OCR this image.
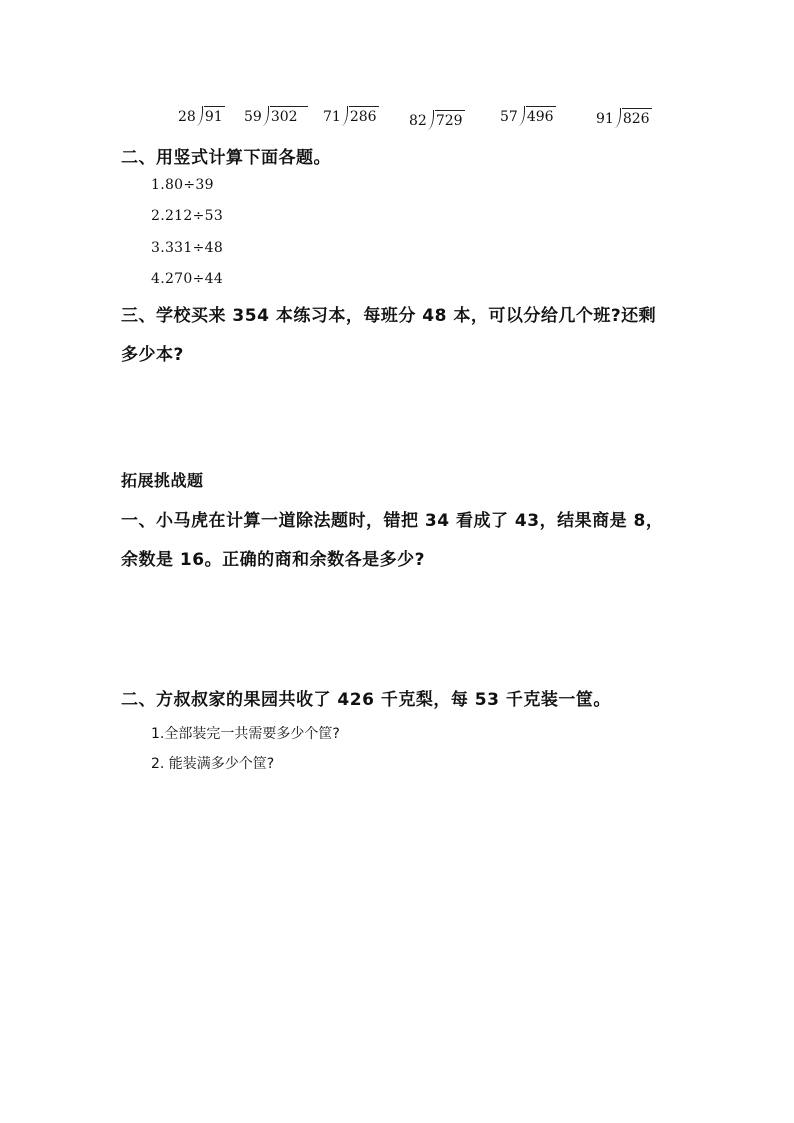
28 91 59 302	71 286 82 729	57 496	91 826
二、用竖式计算下面各题。
1.80÷39
2.212÷53
3.331÷48
4.270÷44
三、学校买来 354 本练习本，每班分 48 本，可以分给几个班?还剩
多少本?
拓展挑战题
一、小马虎在计算一道除法题时，错把 34 看成了 43，结果商是 8，
余数是 16。正确的商和余数各是多少?
二、方叔叔家的果园共收了 426 千克梨，每 53 千克装一筐。
1.全部装完一共需要多少个筐?
2. 能装满多少个筐?
